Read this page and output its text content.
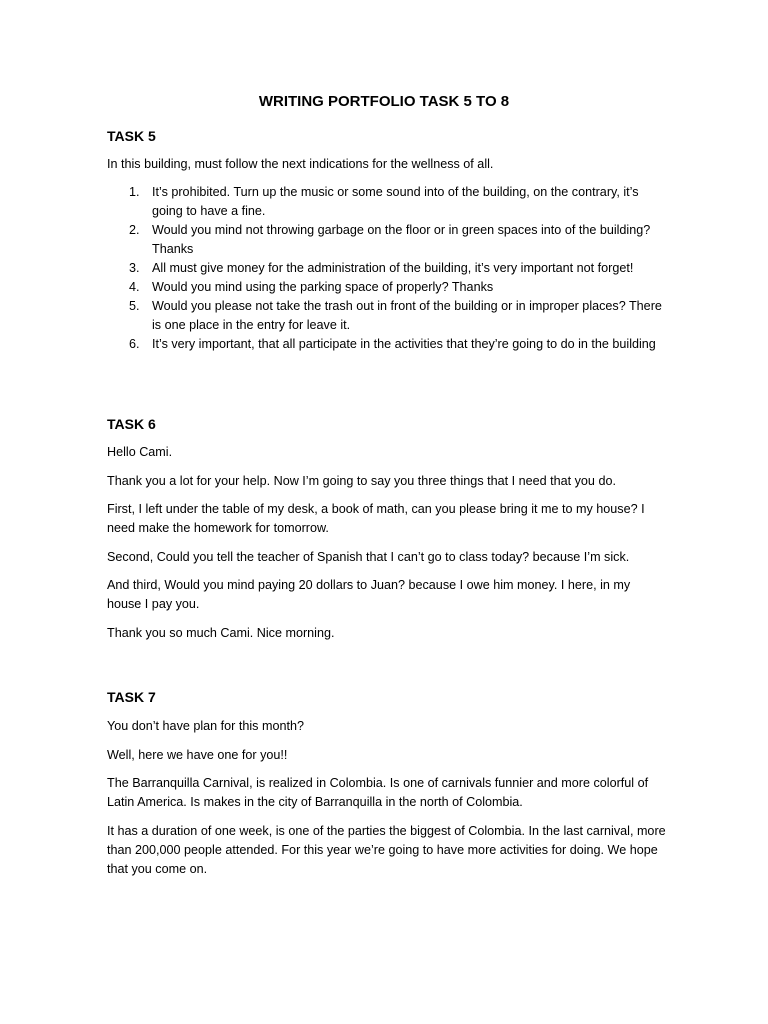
WRITING PORTFOLIO TASK 5 TO 8
TASK 5

In this building, must follow the next indications for the wellness of all.

1. It’s prohibited. Turn up the music or some sound into of the building, on the contrary, it’s going to have a fine.
2. Would you mind not throwing garbage on the floor or in green spaces into of the building? Thanks
3. All must give money for the administration of the building, it’s very important not forget!
4. Would you mind using the parking space of properly? Thanks
5. Would you please not take the trash out in front of the building or in improper places? There is one place in the entry for leave it.
6. It’s very important, that all participate in the activities that they’re going to do in the building
TASK 6

Hello Cami.

Thank you a lot for your help. Now I’m going to say you three things that I need that you do.

First, I left under the table of my desk, a book of math, can you please bring it me to my house? I need make the homework for tomorrow.

Second, Could you tell the teacher of Spanish that I can’t go to class today? because I’m sick.

And third, Would you mind paying 20 dollars to Juan? because I owe him money. I here, in my house I pay you.

Thank you so much Cami. Nice morning.

TASK 7

You don’t have plan for this month?

Well, here we have one for you!!

The Barranquilla Carnival, is realized in Colombia. Is one of carnivals funnier and more colorful of Latin America. Is makes in the city of Barranquilla in the north of Colombia.

It has a duration of one week, is one of the parties the biggest of Colombia. In the last carnival, more than 200,000 people attended. For this year we’re going to have more activities for doing. We hope that you come on.
